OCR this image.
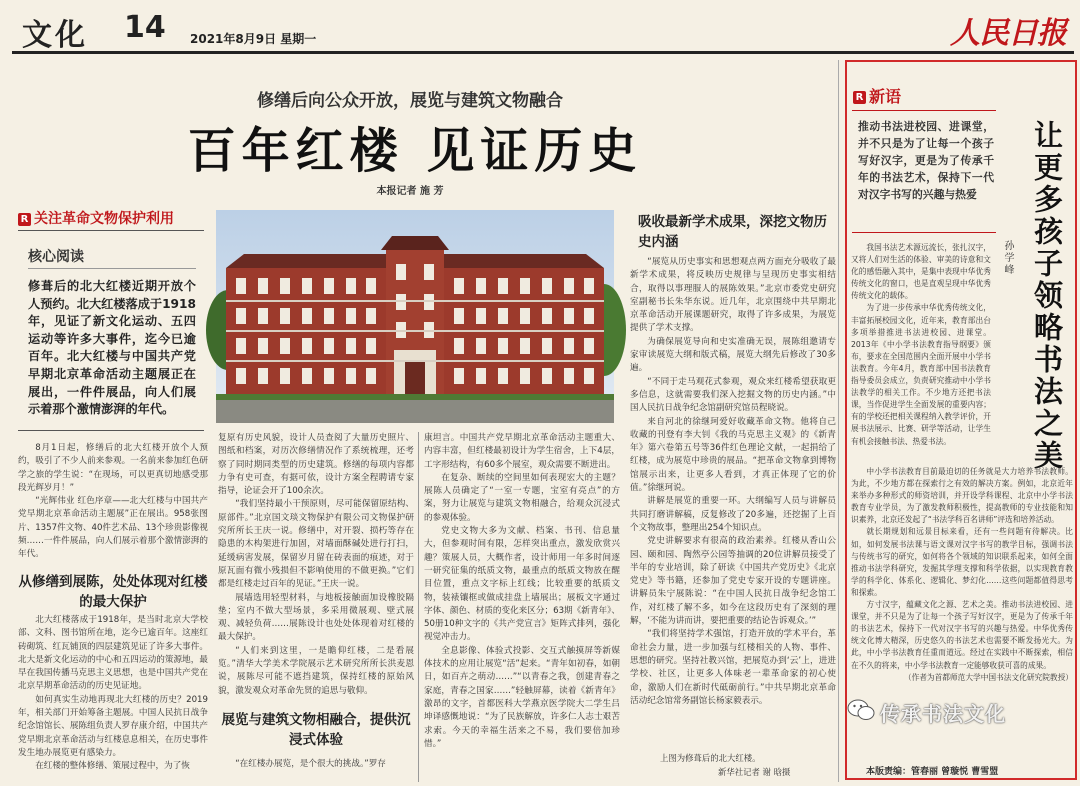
文化 14 2021年8月9日 星期一	人民日报
修缮后向公众开放，展览与建筑文物融合
百年红楼 见证历史
本报记者 施 芳
R 关注革命文物保护利用
核心阅读
修葺后的北大红楼近期开放个人预约。北大红楼落成于1918年，见证了新文化运动、五四运动等许多大事件，迄今已逾百年。北大红楼与中国共产党早期北京革命活动主题展正在展出，一件件展品，向人们展示着那个激情澎湃的年代。

8月1日起，修缮后的北大红楼开放个人预约，吸引了不少人前来参观。一名前来参加红色研学之旅的学生说：“在现场，可以更真切地感受那段光辉岁月！”

“光辉伟业 红色序章——北大红楼与中国共产党早期北京革命活动主题展”正在展出。958张图片、1357件文物、40件艺术品、13个珍贵影像视频……一件件展品，向人们展示着那个激情澎湃的年代。

从修缮到展陈，处处体现对红楼的最大保护

北大红楼落成于1918年，是当时北京大学校部、文科、图书馆所在地，迄今已逾百年。这座红砖砌筑、红瓦铺顶的四层建筑见证了许多大事件。北大是新文化运动的中心和五四运动的策源地，最早在我国传播马克思主义思想，也是中国共产党在北京早期革命活动的历史见证地。

如何真实生动地再现北大红楼的历史？2019年，相关部门开始筹备主题展。中国人民抗日战争纪念馆馆长、展陈组负责人罗存康介绍，中国共产党早期北京革命活动与红楼息息相关，在历史事件发生地办展览更有感染力。

在红楼的整体修缮、策展过程中，为了恢

复原有历史风貌，设计人员查阅了大量历史照片、图纸和档案，对历次修缮情况作了系统梳理，还考察了同时期同类型的历史建筑。修缮的每项内容都力争有史可查，有据可依，设计方案全程聘请专家指导，论证会开了100余次。

“我们坚持最小干预原则，尽可能保留原结构、原部件。”北京国文琰文物保护有限公司文物保护研究所所长王庆一说。修缮中，对开裂、损朽等存在隐患的木构架进行加固，对墙面酥碱处进行打扫，延缓病害发展，保留岁月留在砖表面的痕迹，对于原瓦面有微小残损但不影响使用的不做更换。”它们都是红楼走过百年的见证。”王庆一说。

展墙选用轻型材料，与地板接触面加设橡胶隔垫；室内不做大型场景，多采用微展观、壁式展观、减轻负荷……展陈设计也处处体现着对红楼的最大保护。

“人们来到这里，一是瞻仰红楼，二是看展览。”清华大学美术学院展示艺术研究所所长洪麦恩说，展陈尽可能不遮挡建筑，保持红楼的原始风貌，激发观众对革命先贤的追思与敬仰。

展览与建筑文物相融合，提供沉浸式体验

“在红楼办展览，是个很大的挑战。”罗存

康坦言。中国共产党早期北京革命活动主题重大、内容丰富，但红楼最初设计为学生宿舍，上下4层，工字形结构，有60多个展室，观众需要不断进出。

在复杂、断续的空间里如何表现宏大的主题？展陈人员确定了“一室一专题，宝室有亮点”的方案，努力让展览与建筑文物相融合，给观众沉浸式的参观体验。

党史文物大多为文献、档案、书刊、信息量大，但参观时间有限，怎样突出重点，激发欣赏兴趣？策展人员，大概作者，设计师用一年多时间逐一研究征集的纸质文物，最重点的纸质文物放在醒目位置，重点文字标上红线；比较重要的纸质文物，装裱镶框或做成挂盘上墙展出；展板文字通过字体、颜色、材质的变化来区分；63期《新青年》、50册10种文字的《共产党宣言》矩阵式排列，强化视觉冲击力。

全息影像、体验式投影、交互式触摸屏等新媒体技术的应用让展览“活”起来。“青年如初春，如朝日，如百卉之萌动……”“以青春之我，创建青春之家庭，青春之国家……”轻触屏幕，读着《新青年》激昂的文字，首都医科大学燕京医学院大二学生吕坤译感慨地说：“为了民族解放，许多仁人志士艰苦求索。今天的幸福生活来之不易，我们要倍加珍惜。”

吸收最新学术成果，深挖文物历史内涵

“展览从历史事实和思想观点两方面充分吸收了最新学术成果，将反映历史规律与呈现历史事实相结合，取得以事理服人的展陈效果。”北京市委党史研究室副秘书长朱华东说。近几年，北京围绕中共早期北京革命活动开展课题研究，取得了许多成果，为展览提供了学术支撑。

为确保展览导向和史实准确无误，展陈组邀请专家审读展览大纲和版式稿，展览大纲先后修改了30多遍。

“不同于走马观花式参观，观众来红楼希望获取更多信息，这就需要我们深入挖掘文物的历史内涵。”中国人民抗日战争纪念馆副研究馆员程晓说。

来自河北的徐继珂爱好收藏革命文物。他将自己收藏的刊登有李大钊《我的马克思主义观》的《新青年》第六卷第五号等36件红色理论文献，一起捐给了红楼，成为展览中珍贵的展品。“把革命文物拿到博物馆展示出来，让更多人看到，才真正体现了它的价值。”徐继珂说。

讲解是展览的重要一环。大纲编写人员与讲解员共同打磨讲解稿，反复修改了20多遍，还挖掘了上百个文物故事，整理出254个知识点。

党史讲解要求有很高的政治素养。红楼从香山公园、颐和园、陶然亭公园等抽调的20位讲解员接受了半年的专业培训，除了研读《中国共产党历史》《北京党史》等书籍，还参加了党史专家开设的专题讲座。讲解员朱宁展陈说：“在中国人民抗日战争纪念馆工作，对红楼了解不多，如今在这段历史有了深刻的理解，‘不能为讲而讲，要把重要的结论告诉观众。’”

“我们将坚持学术强馆，打造开放的学术平台，革命社会力量，进一步加强与红楼相关的人物、事件、思想的研究。坚持社教兴馆，把展览办到‘云’上，进进学校、社区，让更多人体味老一辈革命家的初心使命，激励人们在新时代砥砺前行。”中共早期北京革命活动纪念馆常务副馆长杨家毅表示。

上图为修葺后的北大红楼。
新华社记者 谢 晗摄
R 新语
推动书法进校园、进课堂，并不只是为了让每一个孩子写好汉字，更是为了传承千年的书法艺术，保持下一代对汉字书写的兴趣与热爱	让更多孩子领略书法之美
孙学峰

我国书法艺术源远流长，张扎汉字，又将人们对生活的体验、审美的诗意和文化的感悟融入其中，是集中表现中华优秀传统文化的窗口，也是直观呈现中华优秀传统文化的载体。

为了进一步传承中华优秀传统文化，丰富拓展校园文化，近年来，教育部出台多项举措推进书法进校园、进课堂。2013年《中小学书法教育指导纲要》颁布，要求在全国范围内全面开展中小学书法教育。今年4月，教育部中国书法教育指导委员会成立，负责研究推动中小学书法教学的相关工作。不少地方还把书法课，当作促进学生全面发展的重要内容；有的学校还把相关课程纳入教学评价，开展书法展示、比赛、研学等活动，让学生有机会接触书法、热爱书法。

中小学书法教育目前最迫切的任务就是大力培养书法教师。为此，不少地方都在探索行之有效的解决方案。例如，北京近年来举办多种形式的师资培训，并开设学科课程、北京中小学书法教育专业学员，为了激发教师积极性，提高教师的专业技能和知识素养，北京还发起了“书法学科百名讲师”评选和培养活动。

就长期规划和远景目标来看，还有一些问题有待解决。比如，如何发展书法课与语文课对汉字书写的教学目标，强调书法与传统书写的研究，如何将各个领域的知识联系起来，如何全面推动书法学科研究，发掘其学理支撑和科学依据，以实现教育教学的科学化、体系化、逻辑化、梦幻化……这些问题都值得思考和探索。

方寸汉字，蕴藏文化之源、艺术之美。推动书法进校园、进课堂，并不只是为了让每一个孩子写好汉字，更是为了传承千年的书法艺术，保持下一代对汉字书写的兴趣与热爱。中华优秀传统文化博大精深，历史悠久的书法艺术也需要不断发扬光大。为此，中小学书法教育任重而道远。经过在实践中不断探索，相信在不久的将来，中小学书法教育一定能够收获可喜的成果。

（作者为首都师范大学中国书法文化研究院教授）

传承书法文化
本版责编：管春丽 曾璇悦 曹雪盟
